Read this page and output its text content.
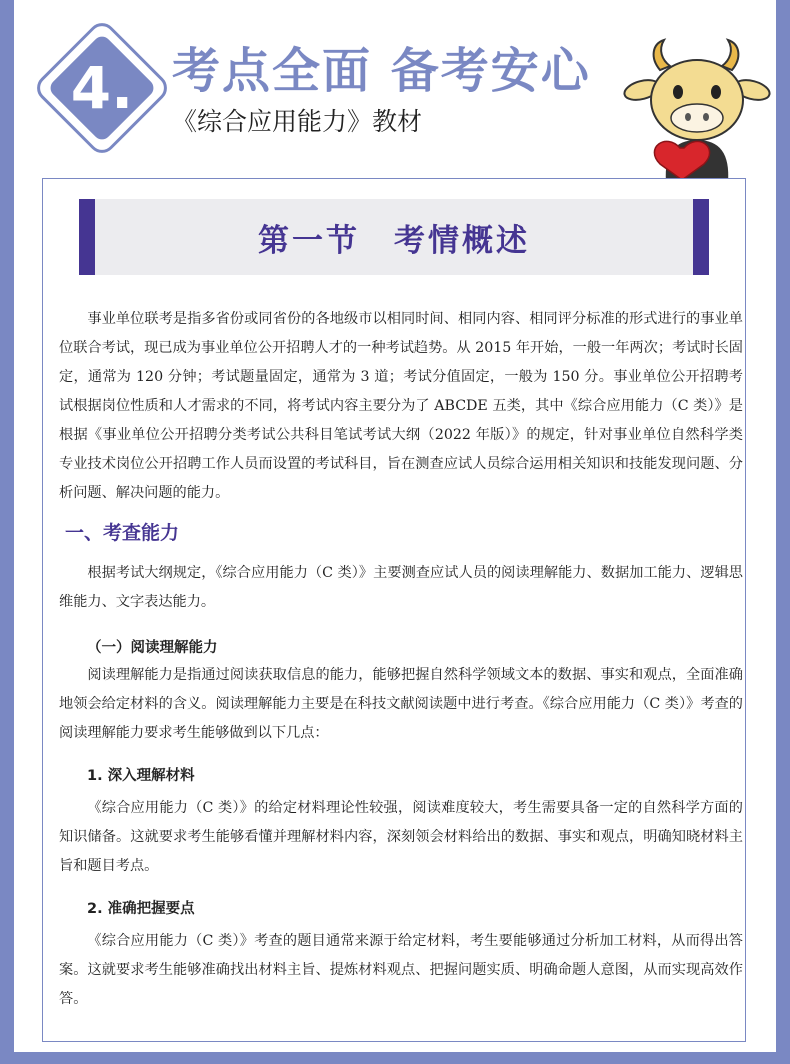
4. 考点全面 备考安心
《综合应用能力》教材
第一节　考情概述

事业单位联考是指多省份或同省份的各地级市以相同时间、相同内容、相同评分标准的形式进行的事业单位联合考试，现已成为事业单位公开招聘人才的一种考试趋势。从 2015 年开始，一般一年两次；考试时长固定，通常为 120 分钟；考试题量固定，通常为 3 道；考试分值固定，一般为 150 分。事业单位公开招聘考试根据岗位性质和人才需求的不同，将考试内容主要分为了 ABCDE 五类，其中《综合应用能力（C 类）》是根据《事业单位公开招聘分类考试公共科目笔试考试大纲（2022 年版）》的规定，针对事业单位自然科学类专业技术岗位公开招聘工作人员而设置的考试科目，旨在测查应试人员综合运用相关知识和技能发现问题、分析问题、解决问题的能力。

一、考查能力

根据考试大纲规定，《综合应用能力（C 类）》主要测查应试人员的阅读理解能力、数据加工能力、逻辑思维能力、文字表达能力。

（一）阅读理解能力

阅读理解能力是指通过阅读获取信息的能力，能够把握自然科学领域文本的数据、事实和观点，全面准确地领会给定材料的含义。阅读理解能力主要是在科技文献阅读题中进行考查。《综合应用能力（C 类）》考查的阅读理解能力要求考生能够做到以下几点：

1. 深入理解材料

《综合应用能力（C 类）》的给定材料理论性较强，阅读难度较大，考生需要具备一定的自然科学方面的知识储备。这就要求考生能够看懂并理解材料内容，深刻领会材料给出的数据、事实和观点，明确知晓材料主旨和题目考点。

2. 准确把握要点

《综合应用能力（C 类）》考查的题目通常来源于给定材料，考生要能够通过分析加工材料，从而得出答案。这就要求考生能够准确找出材料主旨、提炼材料观点、把握问题实质、明确命题人意图，从而实现高效作答。
